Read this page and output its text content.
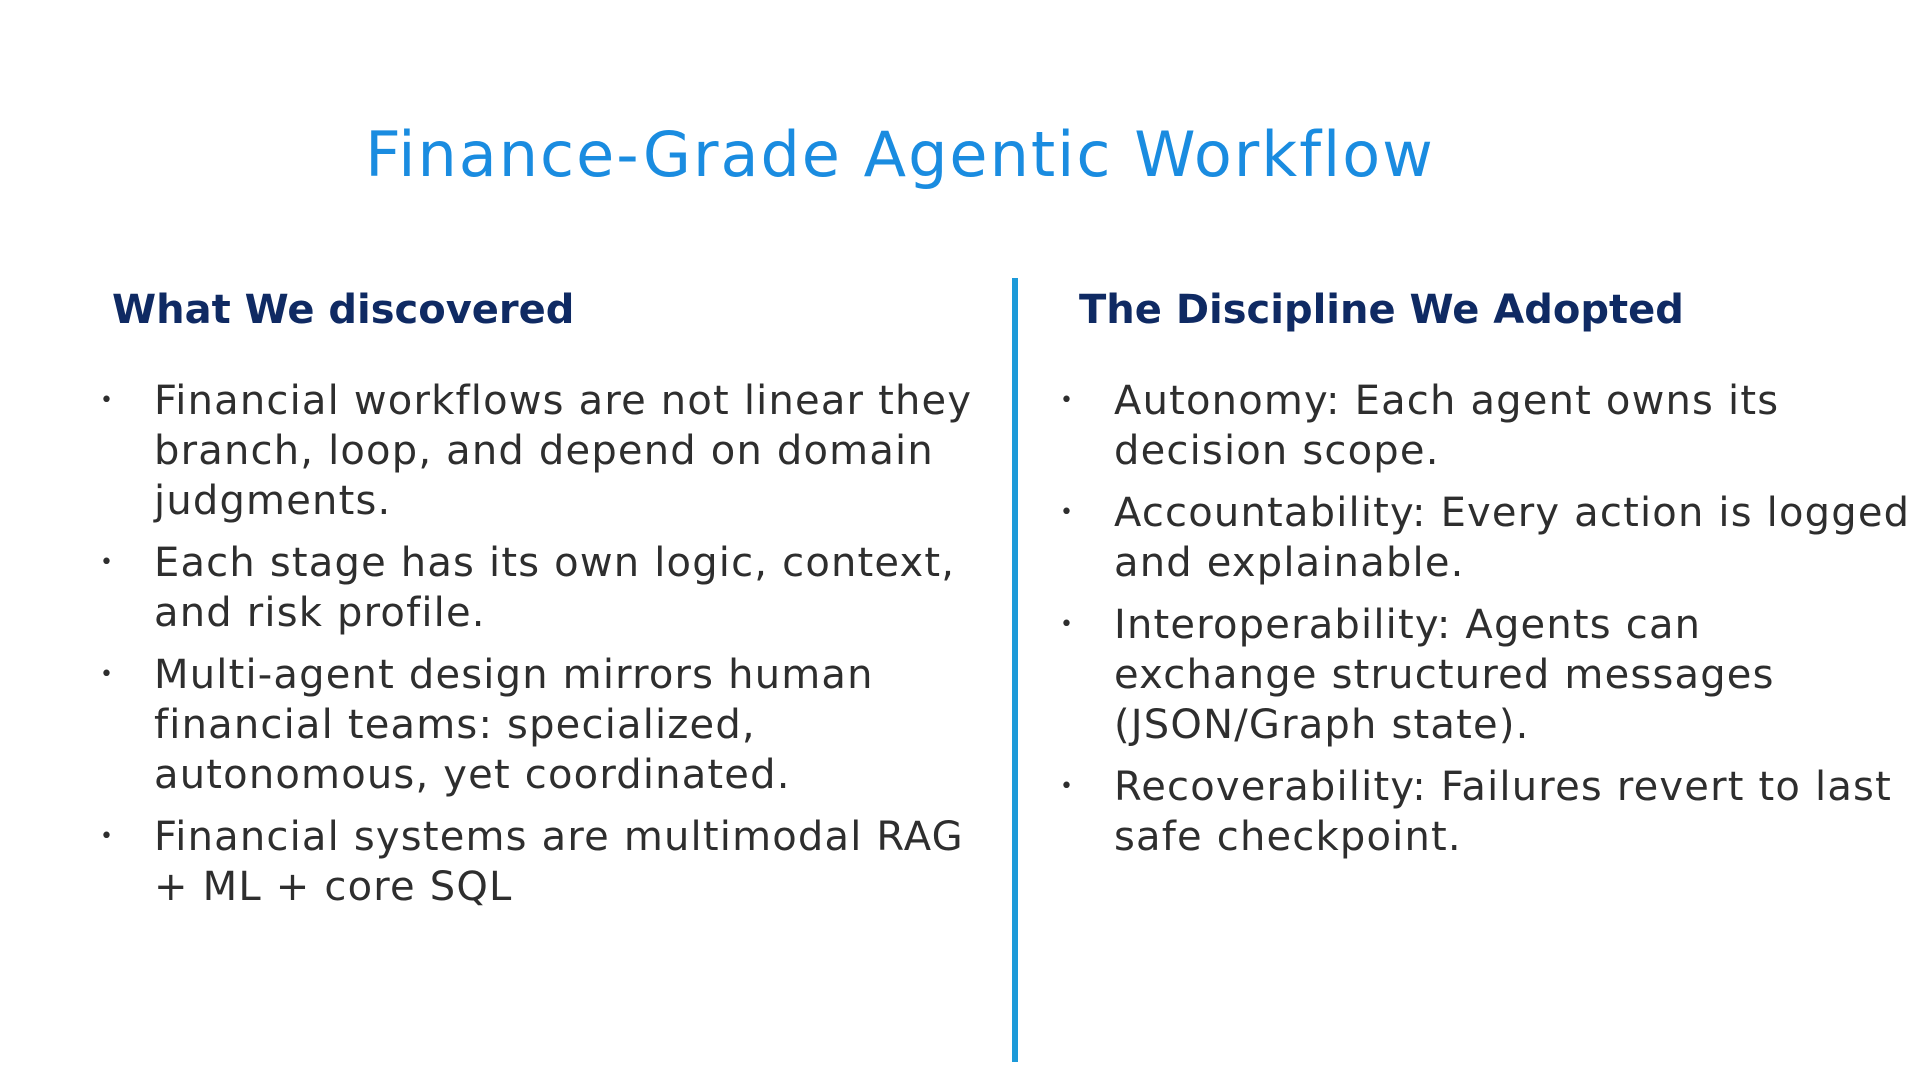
Finance-Grade Agentic Workflow
What We discovered
• Financial workflows are not linear they branch, loop, and depend on domain judgments.
• Each stage has its own logic, context, and risk profile.
• Multi-agent design mirrors human financial teams: specialized, autonomous, yet coordinated.
• Financial systems are multimodal RAG + ML + core SQL
The Discipline We Adopted
• Autonomy: Each agent owns its decision scope.
• Accountability: Every action is logged and explainable.
• Interoperability: Agents can exchange structured messages (JSON/Graph state).
• Recoverability: Failures revert to last safe checkpoint.
